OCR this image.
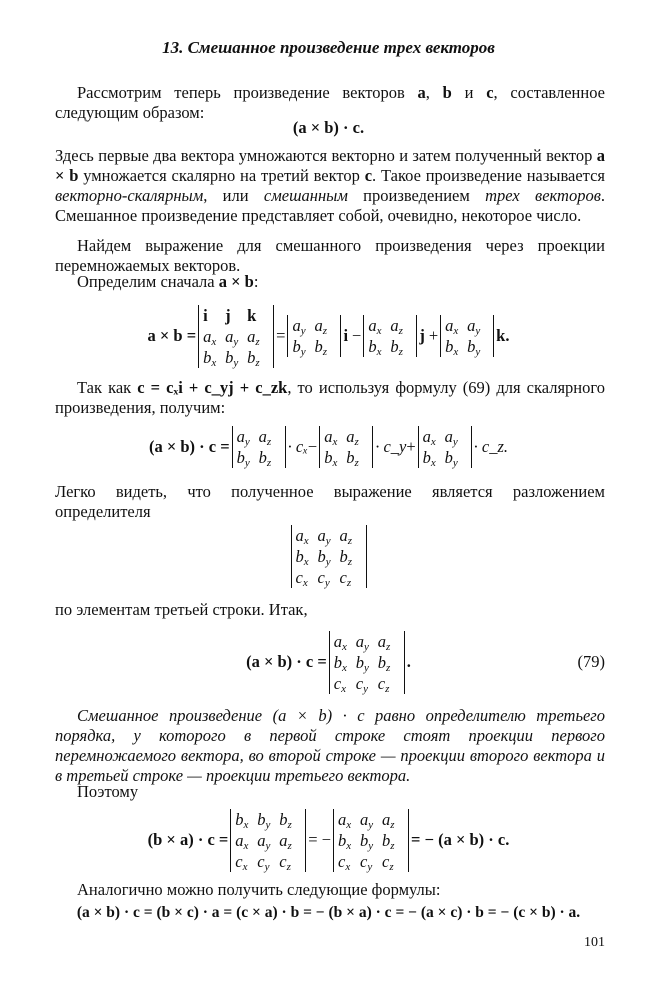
13. Смешанное произведение трех векторов
Рассмотрим теперь произведение векторов a, b и c, составленное следующим образом:
(a × b) · c.
Здесь первые два вектора умножаются векторно и затем полученный вектор a × b умножается скалярно на третий вектор c. Такое произведение называется векторно-скалярным, или смешанным произведением трех векторов. Смешанное произведение представляет собой, очевидно, некоторое число.
Найдем выражение для смешанного произведения через проекции перемножаемых векторов.
Определим сначала a × b:
a × b =
i j k
$a_x$ $a_y$ $a_z$
$b_x$ $b_y$ $b_z$
=
$a_y$ $a_z$
$b_y$ $b_z$
i −
$a_x$ $a_z$
$b_x$ $b_z$
j +
$a_x$ $a_y$
$b_x$ $b_y$
k.
Так как c = cₓi + c_yj + c_zk, то используя формулу (69) для скалярного произведения, получим:
(a × b) · c =
$a_y$ $a_z$
$b_y$ $b_z$
· cₓ −
$a_x$ $a_z$
$b_x$ $b_z$
· c_y +
$a_x$ $a_y$
$b_x$ $b_y$
· c_z.
Легко видеть, что полученное выражение является разложением определителя
$a_x$ $a_y$ $a_z$
$b_x$ $b_y$ $b_z$
$c_x$ $c_y$ $c_z$
по элементам третьей строки. Итак,
(a × b) · c =
$a_x$ $a_y$ $a_z$
$b_x$ $b_y$ $b_z$
$c_x$ $c_y$ $c_z$
.	(79)
Смешанное произведение (a × b) · c равно определителю третьего порядка, у которого в первой строке стоят проекции первого перемножаемого вектора, во второй строке — проекции второго вектора и в третьей строке — проекции третьего вектора.
Поэтому
(b × a) · c =
$b_x$ $b_y$ $b_z$
$a_x$ $a_y$ $a_z$
$c_x$ $c_y$ $c_z$
= −
$a_x$ $a_y$ $a_z$
$b_x$ $b_y$ $b_z$
$c_x$ $c_y$ $c_z$
= − (a × b) · c.
Аналогично можно получить следующие формулы:
(a × b) · c = (b × c) · a = (c × a) · b = − (b × a) · c = − (a × c) · b = − (c × b) · a.
101
